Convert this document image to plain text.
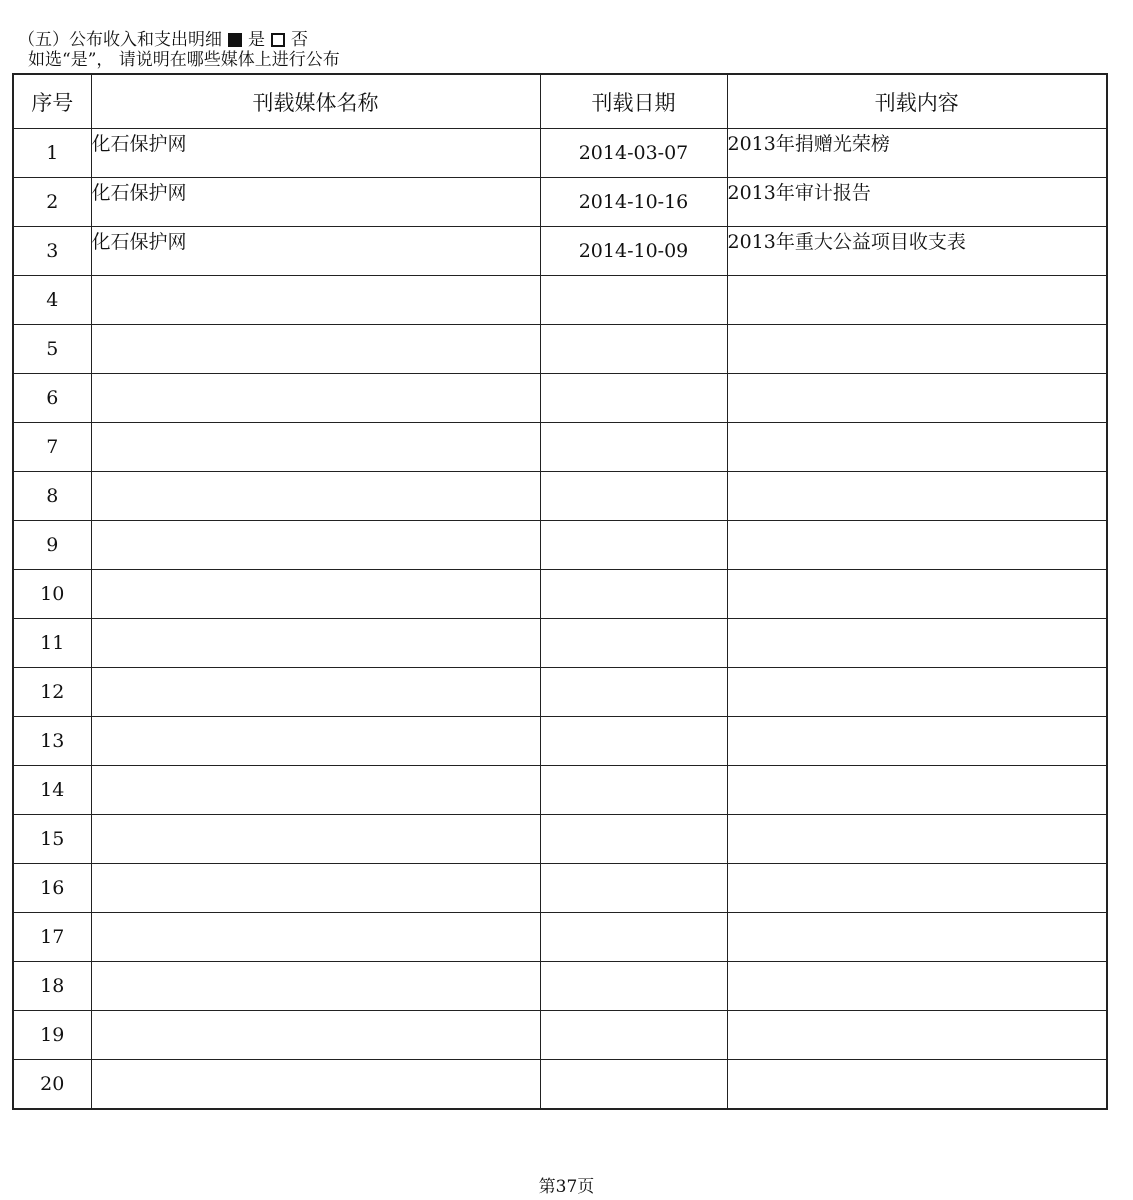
（五）公布收入和支出明细 是 否
如选“是”， 请说明在哪些媒体上进行公布
序号	刊载媒体名称	刊载日期	刊载内容
1	化石保护网	2014-03-07	2013年捐赠光荣榜
2	化石保护网	2014-10-16	2013年审计报告
3	化石保护网	2014-10-09	2013年重大公益项目收支表
4			
5			
6			
7			
8			
9			
10			
11			
12			
13			
14			
15			
16			
17			
18			
19			
20			
第37页
